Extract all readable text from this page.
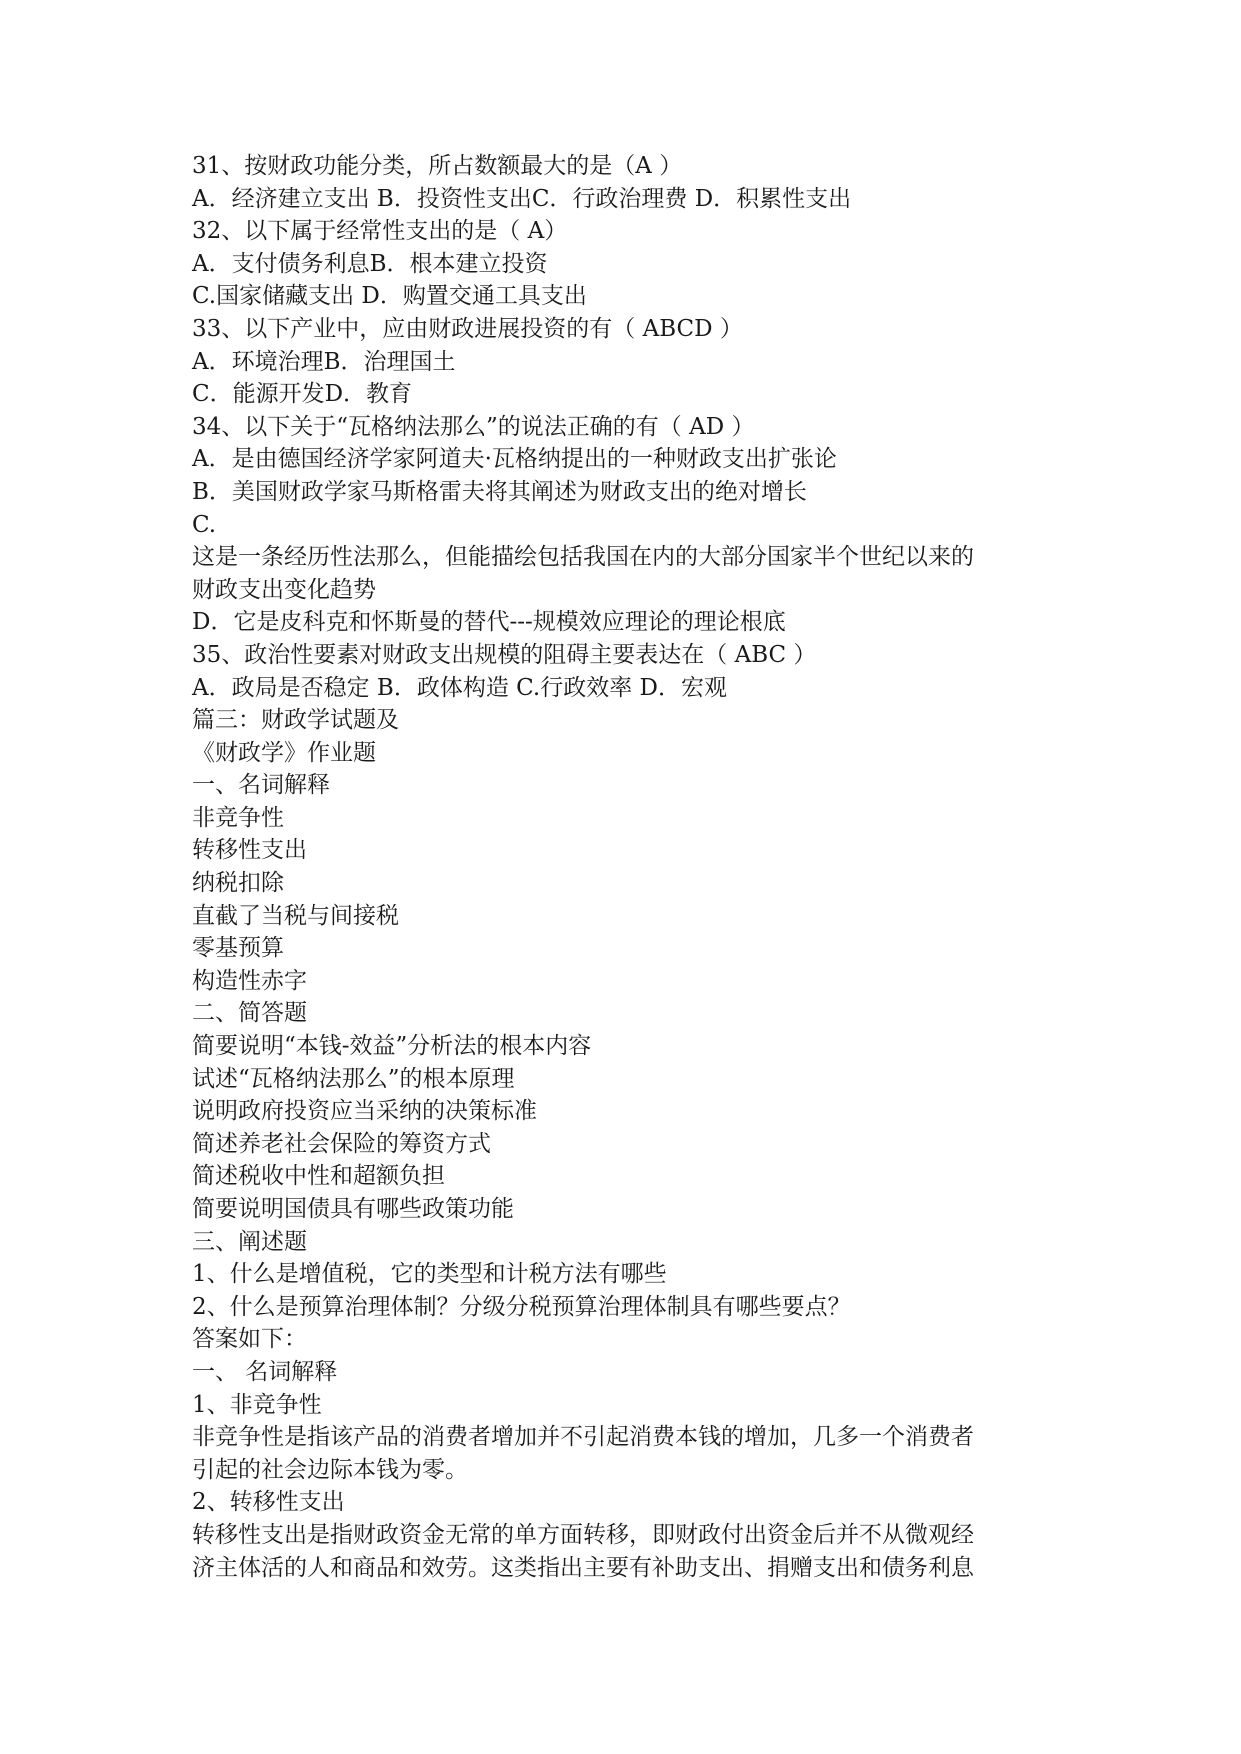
31、按财政功能分类，所占数额最大的是（A ）
A．经济建立支出 B．投资性支出C．行政治理费 D．积累性支出
32、以下属于经常性支出的是（ A）
A．支付债务利息B．根本建立投资
C.国家储藏支出 D．购置交通工具支出
33、以下产业中，应由财政进展投资的有（ ABCD ）
A．环境治理B．治理国土
C．能源开发D．教育
34、以下关于“瓦格纳法那么”的说法正确的有（ AD ）
A．是由德国经济学家阿道夫·瓦格纳提出的一种财政支出扩张论
B．美国财政学家马斯格雷夫将其阐述为财政支出的绝对增长
C.
这是一条经历性法那么，但能描绘包括我国在内的大部分国家半个世纪以来的
财政支出变化趋势
D．它是皮科克和怀斯曼的替代---规模效应理论的理论根底
35、政治性要素对财政支出规模的阻碍主要表达在（ ABC ）
A．政局是否稳定 B．政体构造 C.行政效率 D．宏观
篇三：财政学试题及
《财政学》作业题
一、名词解释
非竞争性
转移性支出
纳税扣除
直截了当税与间接税
零基预算
构造性赤字
二、简答题
简要说明“本钱-效益”分析法的根本内容
试述“瓦格纳法那么”的根本原理
说明政府投资应当采纳的决策标准
简述养老社会保险的筹资方式
简述税收中性和超额负担
简要说明国债具有哪些政策功能
三、阐述题
1、什么是增值税，它的类型和计税方法有哪些
2、什么是预算治理体制？分级分税预算治理体制具有哪些要点？
答案如下：
一、 名词解释
1、非竞争性
非竞争性是指该产品的消费者增加并不引起消费本钱的增加，几多一个消费者
引起的社会边际本钱为零。
2、转移性支出
转移性支出是指财政资金无常的单方面转移，即财政付出资金后并不从微观经
济主体活的人和商品和效劳。这类指出主要有补助支出、捐赠支出和债务利息
